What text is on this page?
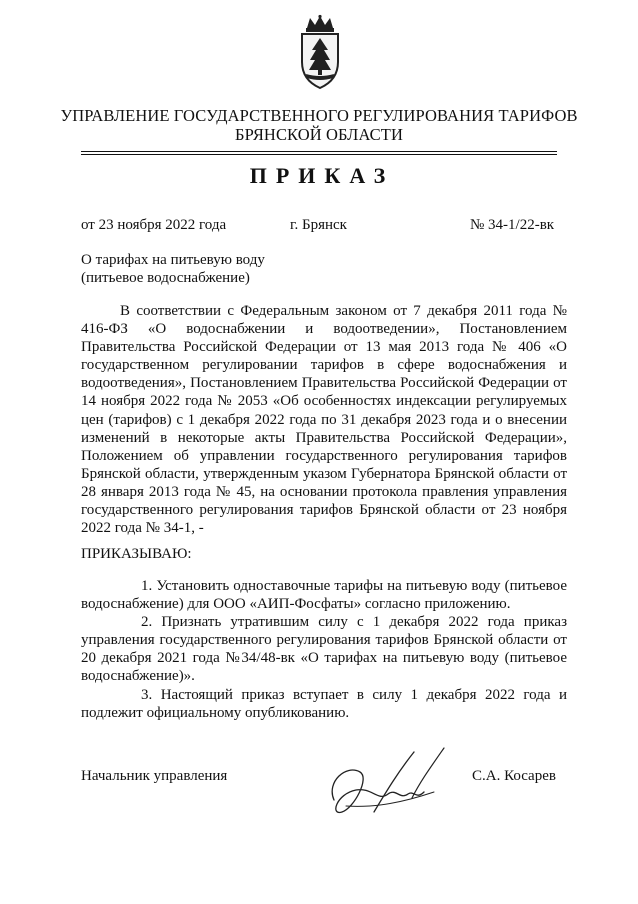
УПРАВЛЕНИЕ ГОСУДАРСТВЕННОГО РЕГУЛИРОВАНИЯ ТАРИФОВ
БРЯНСКОЙ ОБЛАСТИ
ПРИКАЗ
от 23 ноября 2022 года	г. Брянск	№ 34-1/22-вк
О тарифах на питьевую воду
(питьевое водоснабжение)

В соответствии с Федеральным законом от 7 декабря 2011 года № 416-ФЗ «О водоснабжении и водоотведении», Постановлением Правительства Российской Федерации от 13 мая 2013 года № 406 «О государственном регулировании тарифов в сфере водоснабжения и водоотведения», Постановлением Правительства Российской Федерации от 14 ноября 2022 года № 2053 «Об особенностях индексации регулируемых цен (тарифов) с 1 декабря 2022 года по 31 декабря 2023 года и о внесении изменений в некоторые акты Правительства Российской Федерации», Положением об управлении государственного регулирования тарифов Брянской области, утвержденным указом Губернатора Брянской области от 28 января 2013 года № 45, на основании протокола правления управления государственного регулирования тарифов Брянской области от 23 ноября 2022 года № 34-1, -

ПРИКАЗЫВАЮ:
1. Установить одноставочные тарифы на питьевую воду (питьевое водоснабжение) для ООО «АИП-Фосфаты» согласно приложению.
2. Признать утратившим силу с 1 декабря 2022 года приказ управления государственного регулирования тарифов Брянской области от 20 декабря 2021 года №34/48-вк «О тарифах на питьевую воду (питьевое водоснабжение)».
3. Настоящий приказ вступает в силу 1 декабря 2022 года и подлежит официальному опубликованию.
Начальник управления	С.А. Косарев
